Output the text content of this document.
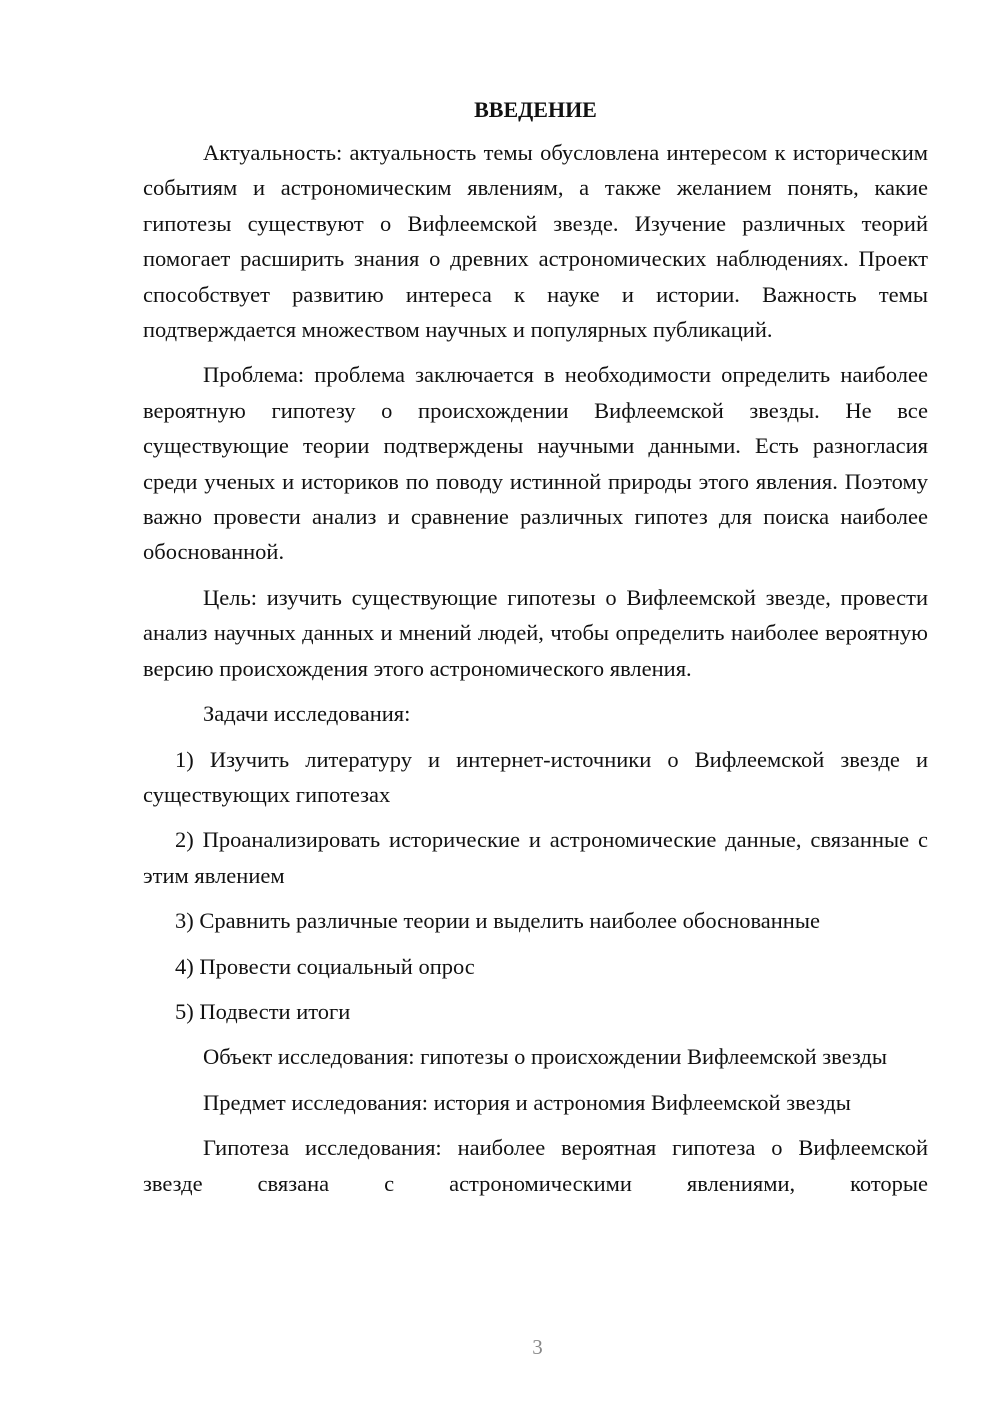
ВВЕДЕНИЕ

Актуальность: актуальность темы обусловлена интересом к историческим событиям и астрономическим явлениям, а также желанием понять, какие гипотезы существуют о Вифлеемской звезде. Изучение различных теорий помогает расширить знания о древних астрономических наблюдениях. Проект способствует развитию интереса к науке и истории. Важность темы подтверждается множеством научных и популярных публикаций.

Проблема: проблема заключается в необходимости определить наиболее вероятную гипотезу о происхождении Вифлеемской звезды. Не все существующие теории подтверждены научными данными. Есть разногласия среди ученых и историков по поводу истинной природы этого явления. Поэтому важно провести анализ и сравнение различных гипотез для поиска наиболее обоснованной.

Цель: изучить существующие гипотезы о Вифлеемской звезде, провести анализ научных данных и мнений людей, чтобы определить наиболее вероятную версию происхождения этого астрономического явления.

Задачи исследования:

1) Изучить литературу и интернет-источники о Вифлеемской звезде и существующих гипотезах

2) Проанализировать исторические и астрономические данные, связанные с этим явлением

3) Сравнить различные теории и выделить наиболее обоснованные

4) Провести социальный опрос

5) Подвести итоги

Объект исследования: гипотезы о происхождении Вифлеемской звезды

Предмет исследования: история и астрономия Вифлеемской звезды

Гипотеза исследования: наиболее вероятная гипотеза о Вифлеемской звезде связана с астрономическими явлениями, которые

3
